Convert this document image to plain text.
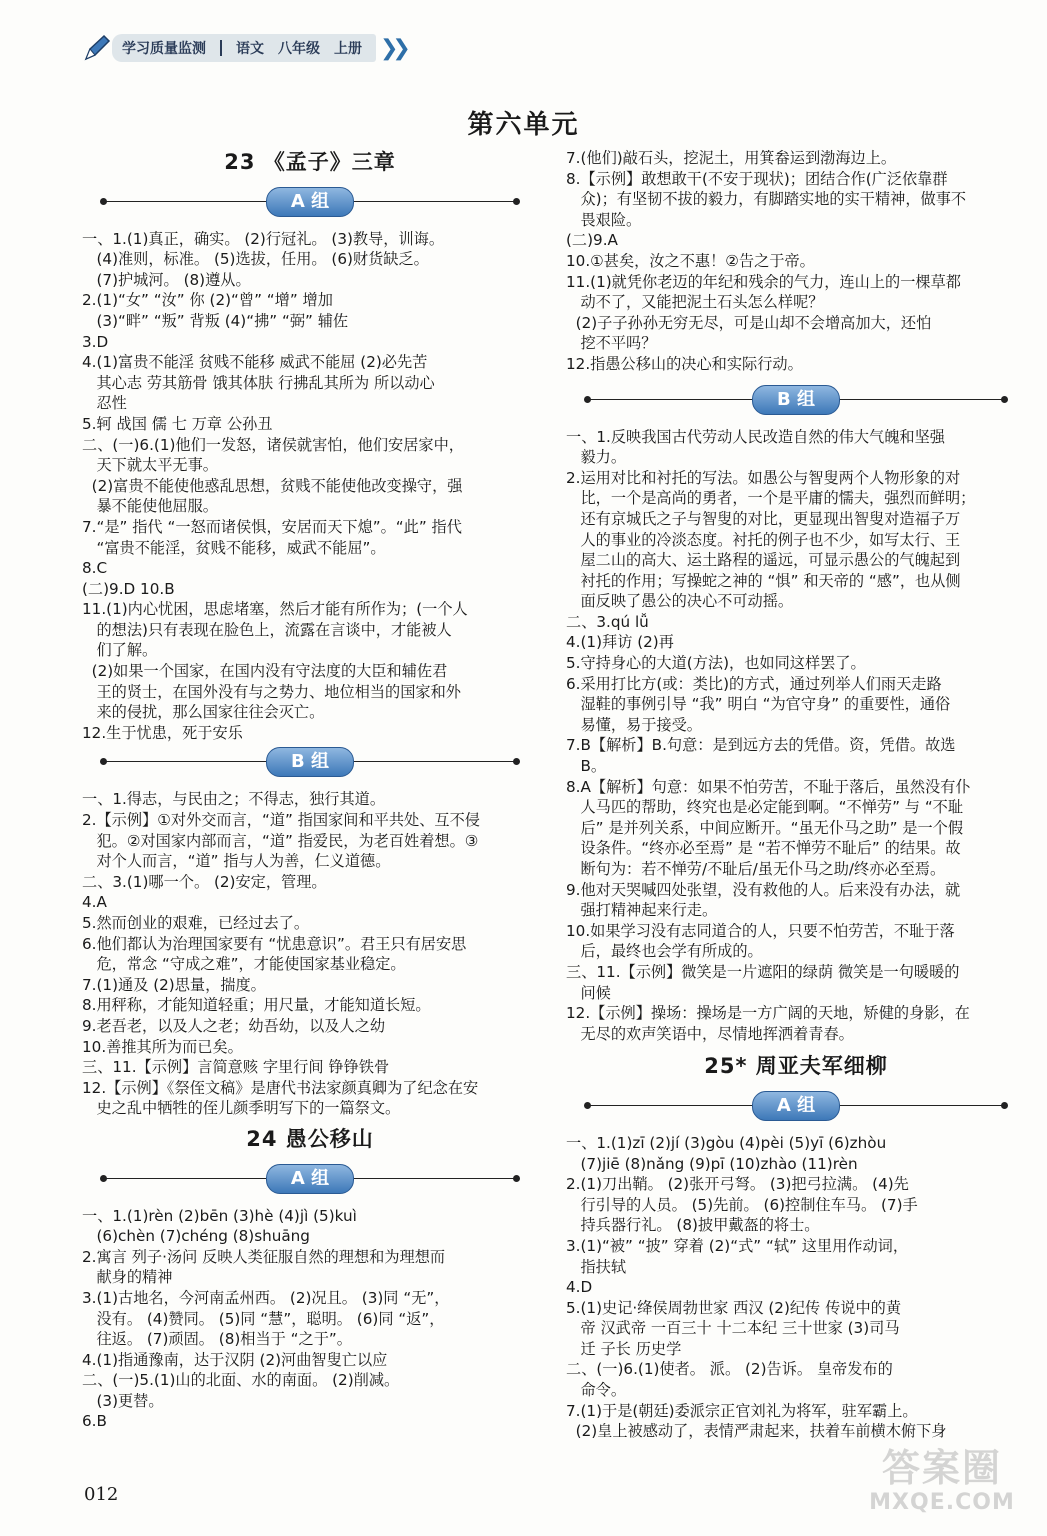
学习质量监测 语文 八年级 上册 ❯❯
第六单元
23 《孟子》三章
A 组

一、1.(1)真正，确实。 (2)行冠礼。 (3)教导，训诲。

(4)准则，标准。 (5)选拔，任用。 (6)财货缺乏。

(7)护城河。 (8)遵从。

2.(1)“女” “汝” 你 (2)“曾” “增” 增加

(3)“畔” “叛” 背叛 (4)“拂” “弼” 辅佐

3.D

4.(1)富贵不能淫 贫贱不能移 威武不能屈 (2)必先苦

其心志 劳其筋骨 饿其体肤 行拂乱其所为 所以动心

忍性

5.轲 战国 儒 七 万章 公孙丑

二、(一)6.(1)他们一发怒，诸侯就害怕，他们安居家中，

天下就太平无事。

(2)富贵不能使他惑乱思想，贫贱不能使他改变操守，强

暴不能使他屈服。

7.“是” 指代 “一怒而诸侯惧，安居而天下熄”。“此” 指代

“富贵不能淫，贫贱不能移，威武不能屈”。

8.C

(二)9.D 10.B

11.(1)内心忧困，思虑堵塞，然后才能有所作为；(一个人

的想法)只有表现在脸色上，流露在言谈中，才能被人

们了解。

(2)如果一个国家，在国内没有守法度的大臣和辅佐君

王的贤士，在国外没有与之势力、地位相当的国家和外

来的侵扰，那么国家往往会灭亡。

12.生于忧患，死于安乐

B 组

一、1.得志，与民由之；不得志，独行其道。

2.【示例】①对外交而言，“道” 指国家间和平共处、互不侵

犯。②对国家内部而言，“道” 指爱民，为老百姓着想。③

对个人而言，“道” 指与人为善，仁义道德。

二、3.(1)哪一个。 (2)安定，管理。

4.A

5.然而创业的艰难，已经过去了。

6.他们都认为治理国家要有 “忧患意识”。君王只有居安思

危，常念 “守成之难”，才能使国家基业稳定。

7.(1)通及 (2)思量，揣度。

8.用秤称，才能知道轻重；用尺量，才能知道长短。

9.老吾老，以及人之老；幼吾幼，以及人之幼

10.善推其所为而已矣。

三、11.【示例】言简意赅 字里行间 铮铮铁骨

12.【示例】《祭侄文稿》是唐代书法家颜真卿为了纪念在安

史之乱中牺牲的侄儿颜季明写下的一篇祭文。

24 愚公移山
A 组

一、1.(1)rèn (2)bēn (3)hè (4)jì (5)kuì

(6)chèn (7)chéng (8)shuāng

2.寓言 列子·汤问 反映人类征服自然的理想和为理想而

献身的精神

3.(1)古地名，今河南孟州西。 (2)况且。 (3)同 “无”，

没有。 (4)赞同。 (5)同 “慧”，聪明。 (6)同 “返”，

往返。 (7)顽固。 (8)相当于 “之于”。

4.(1)指通豫南，达于汉阴 (2)河曲智叟亡以应

二、(一)5.(1)山的北面、水的南面。 (2)削减。

(3)更替。

6.B

7.(他们)敲石头，挖泥土，用箕畚运到渤海边上。

8.【示例】敢想敢干(不安于现状)；团结合作(广泛依靠群

众)；有坚韧不拔的毅力，有脚踏实地的实干精神，做事不

畏艰险。

(二)9.A

10.①甚矣，汝之不惠！②告之于帝。

11.(1)就凭你老迈的年纪和残余的气力，连山上的一棵草都

动不了，又能把泥土石头怎么样呢？

(2)子子孙孙无穷无尽，可是山却不会增高加大，还怕

挖不平吗？

12.指愚公移山的决心和实际行动。

B 组

一、1.反映我国古代劳动人民改造自然的伟大气魄和坚强

毅力。

2.运用对比和衬托的写法。如愚公与智叟两个人物形象的对

比，一个是高尚的勇者，一个是平庸的懦夫，强烈而鲜明；

还有京城氏之子与智叟的对比，更显现出智叟对造福子万

人的事业的冷淡态度。衬托的例子也不少，如写太行、王

屋二山的高大、运土路程的遥远，可显示愚公的气魄起到

衬托的作用；写操蛇之神的 “惧” 和天帝的 “感”，也从侧

面反映了愚公的决心不可动摇。

二、3.qú lǚ

4.(1)拜访 (2)再

5.守持身心的大道(方法)，也如同这样罢了。

6.采用打比方(或：类比)的方式，通过列举人们雨天走路

湿鞋的事例引导 “我” 明白 “为官守身” 的重要性，通俗

易懂，易于接受。

7.B【解析】B.句意：是到远方去的凭借。资，凭借。故选

B。

8.A【解析】句意：如果不怕劳苦，不耻于落后，虽然没有仆

人马匹的帮助，终究也是必定能到啊。“不惮劳” 与 “不耻

后” 是并列关系，中间应断开。“虽无仆马之助” 是一个假

设条件。“终亦必至焉” 是 “若不惮劳不耻后” 的结果。故

断句为：若不惮劳/不耻后/虽无仆马之助/终亦必至焉。

9.他对天哭喊四处张望，没有救他的人。后来没有办法，就

强打精神起来行走。

10.如果学习没有志同道合的人，只要不怕劳苦，不耻于落

后，最终也会学有所成的。

三、11.【示例】微笑是一片遮阳的绿荫 微笑是一句暖暖的

问候

12.【示例】操场：操场是一方广阔的天地，矫健的身影，在

无尽的欢声笑语中，尽情地挥洒着青春。

25* 周亚夫军细柳
A 组

一、1.(1)zī (2)jí (3)gòu (4)pèi (5)yī (6)zhòu

(7)jiē (8)nǎng (9)pī (10)zhào (11)rèn

2.(1)刀出鞘。 (2)张开弓弩。 (3)把弓拉满。 (4)先

行引导的人员。 (5)先前。 (6)控制住车马。 (7)手

持兵器行礼。 (8)披甲戴盔的将士。

3.(1)“被” “披” 穿着 (2)“式” “轼” 这里用作动词，

指扶轼

4.D

5.(1)史记·绛侯周勃世家 西汉 (2)纪传 传说中的黄

帝 汉武帝 一百三十 十二本纪 三十世家 (3)司马

迁 子长 历史学

二、(一)6.(1)使者。 派。 (2)告诉。 皇帝发布的

命令。

7.(1)于是(朝廷)委派宗正官刘礼为将军，驻军霸上。

(2)皇上被感动了，表情严肃起来，扶着车前横木俯下身

012
答案圈
MXQE.COM
